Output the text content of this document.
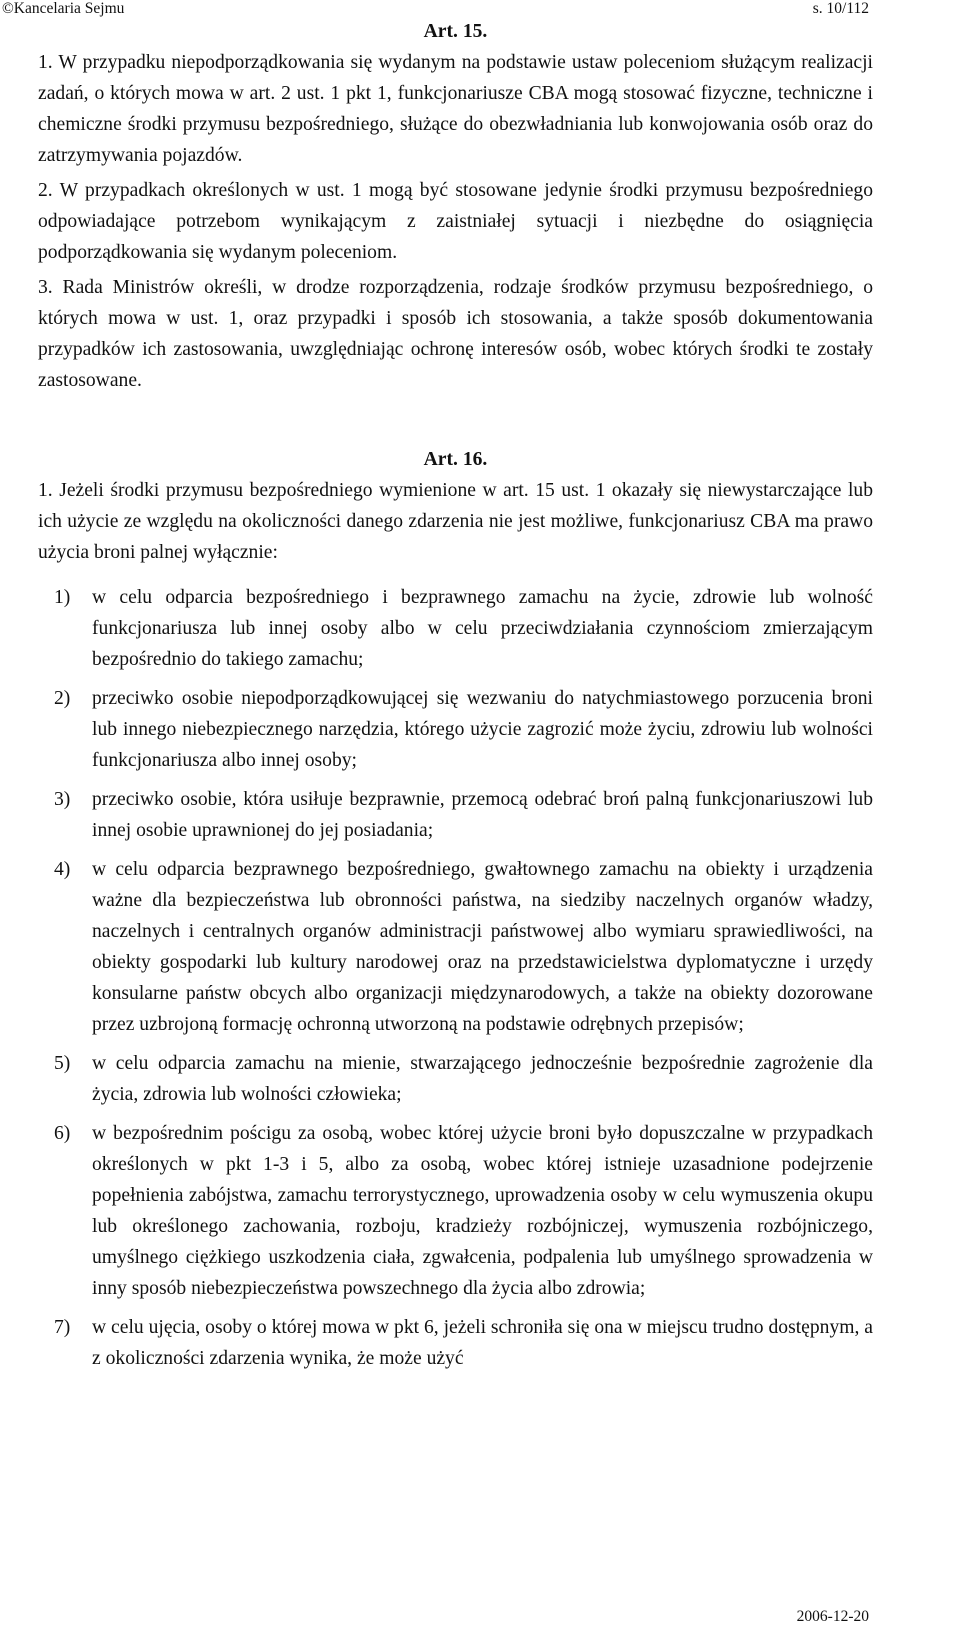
©Kancelaria Sejmu	s. 10/112

Art. 15.

1. W przypadku niepodporządkowania się wydanym na podstawie ustaw poleceniom służącym realizacji zadań, o których mowa w art. 2 ust. 1 pkt 1, funkcjonariusze CBA mogą stosować fizyczne, techniczne i chemiczne środki przymusu bezpośredniego, służące do obezwładniania lub konwojowania osób oraz do zatrzymywania pojazdów.

2. W przypadkach określonych w ust. 1 mogą być stosowane jedynie środki przymusu bezpośredniego odpowiadające potrzebom wynikającym z zaistniałej sytuacji i niezbędne do osiągnięcia podporządkowania się wydanym poleceniom.

3. Rada Ministrów określi, w drodze rozporządzenia, rodzaje środków przymusu bezpośredniego, o których mowa w ust. 1, oraz przypadki i sposób ich stosowania, a także sposób dokumentowania przypadków ich zastosowania, uwzględniając ochronę interesów osób, wobec których środki te zostały zastosowane.

Art. 16.

1. Jeżeli środki przymusu bezpośredniego wymienione w art. 15 ust. 1 okazały się niewystarczające lub ich użycie ze względu na okoliczności danego zdarzenia nie jest możliwe, funkcjonariusz CBA ma prawo użycia broni palnej wyłącznie:

1) w celu odparcia bezpośredniego i bezprawnego zamachu na życie, zdrowie lub wolność funkcjonariusza lub innej osoby albo w celu przeciwdziałania czynnościom zmierzającym bezpośrednio do takiego zamachu;
2) przeciwko osobie niepodporządkowującej się wezwaniu do natychmiastowego porzucenia broni lub innego niebezpiecznego narzędzia, którego użycie zagrozić może życiu, zdrowiu lub wolności funkcjonariusza albo innej osoby;
3) przeciwko osobie, która usiłuje bezprawnie, przemocą odebrać broń palną funkcjonariuszowi lub innej osobie uprawnionej do jej posiadania;
4) w celu odparcia bezprawnego bezpośredniego, gwałtownego zamachu na obiekty i urządzenia ważne dla bezpieczeństwa lub obronności państwa, na siedziby naczelnych organów władzy, naczelnych i centralnych organów administracji państwowej albo wymiaru sprawiedliwości, na obiekty gospodarki lub kultury narodowej oraz na przedstawicielstwa dyplomatyczne i urzędy konsularne państw obcych albo organizacji międzynarodowych, a także na obiekty dozorowane przez uzbrojoną formację ochronną utworzoną na podstawie odrębnych przepisów;
5) w celu odparcia zamachu na mienie, stwarzającego jednocześnie bezpośrednie zagrożenie dla życia, zdrowia lub wolności człowieka;
6) w bezpośrednim pościgu za osobą, wobec której użycie broni było dopuszczalne w przypadkach określonych w pkt 1-3 i 5, albo za osobą, wobec której istnieje uzasadnione podejrzenie popełnienia zabójstwa, zamachu terrorystycznego, uprowadzenia osoby w celu wymuszenia okupu lub określonego zachowania, rozboju, kradzieży rozbójniczej, wymuszenia rozbójniczego, umyślnego ciężkiego uszkodzenia ciała, zgwałcenia, podpalenia lub umyślnego sprowadzenia w inny sposób niebezpieczeństwa powszechnego dla życia albo zdrowia;
7) w celu ujęcia, osoby o której mowa w pkt 6, jeżeli schroniła się ona w miejscu trudno dostępnym, a z okoliczności zdarzenia wynika, że może użyć
2006-12-20
